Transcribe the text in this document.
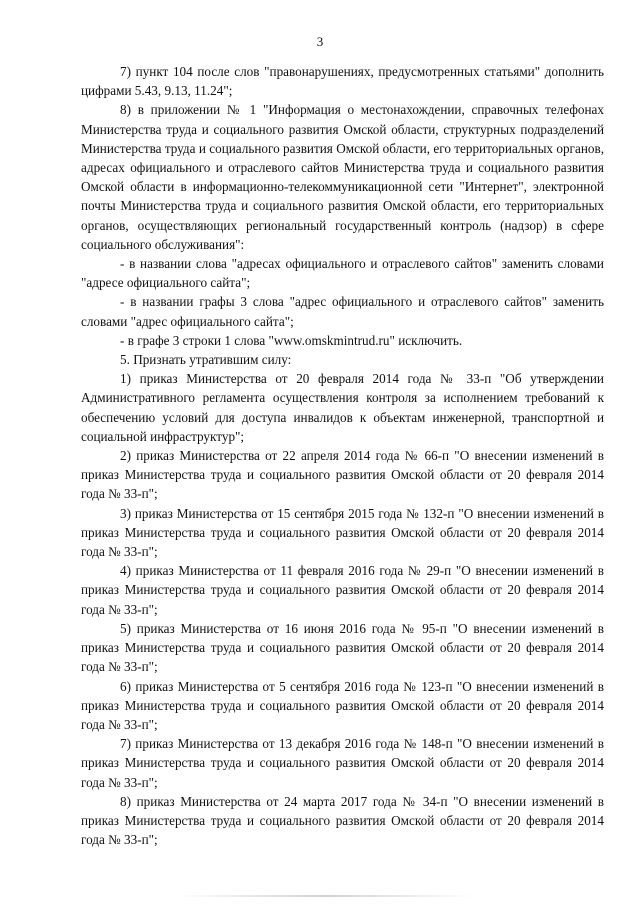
3

7) пункт 104 после слов "правонарушениях, предусмотренных статьями" дополнить цифрами 5.43, 9.13, 11.24";

8) в приложении № 1 "Информация о местонахождении, справочных телефонах Министерства труда и социального развития Омской области, структурных подразделений Министерства труда и социального развития Омской области, его территориальных органов, адресах официального и отраслевого сайтов Министерства труда и социального развития Омской области в информационно-телекоммуникационной сети "Интернет", электронной почты Министерства труда и социального развития Омской области, его территориальных органов, осуществляющих региональный государственный контроль (надзор) в сфере социального обслуживания":

- в названии слова "адресах официального и отраслевого сайтов" заменить словами "адресе официального сайта";

- в названии графы 3 слова "адрес официального и отраслевого сайтов" заменить словами "адрес официального сайта";

- в графе 3 строки 1 слова "www.omskmintrud.ru" исключить.

5. Признать утратившим силу:

1) приказ Министерства от 20 февраля 2014 года № 33-п "Об утверждении Административного регламента осуществления контроля за исполнением требований к обеспечению условий для доступа инвалидов к объектам инженерной, транспортной и социальной инфраструктур";

2) приказ Министерства от 22 апреля 2014 года № 66-п "О внесении изменений в приказ Министерства труда и социального развития Омской области от 20 февраля 2014 года № 33-п";

3) приказ Министерства от 15 сентября 2015 года № 132-п "О внесении изменений в приказ Министерства труда и социального развития Омской области от 20 февраля 2014 года № 33-п";

4) приказ Министерства от 11 февраля 2016 года № 29-п "О внесении изменений в приказ Министерства труда и социального развития Омской области от 20 февраля 2014 года № 33-п";

5) приказ Министерства от 16 июня 2016 года № 95-п "О внесении изменений в приказ Министерства труда и социального развития Омской области от 20 февраля 2014 года № 33-п";

6) приказ Министерства от 5 сентября 2016 года № 123-п "О внесении изменений в приказ Министерства труда и социального развития Омской области от 20 февраля 2014 года № 33-п";

7) приказ Министерства от 13 декабря 2016 года № 148-п "О внесении изменений в приказ Министерства труда и социального развития Омской области от 20 февраля 2014 года № 33-п";

8) приказ Министерства от 24 марта 2017 года № 34-п "О внесении изменений в приказ Министерства труда и социального развития Омской области от 20 февраля 2014 года № 33-п";
